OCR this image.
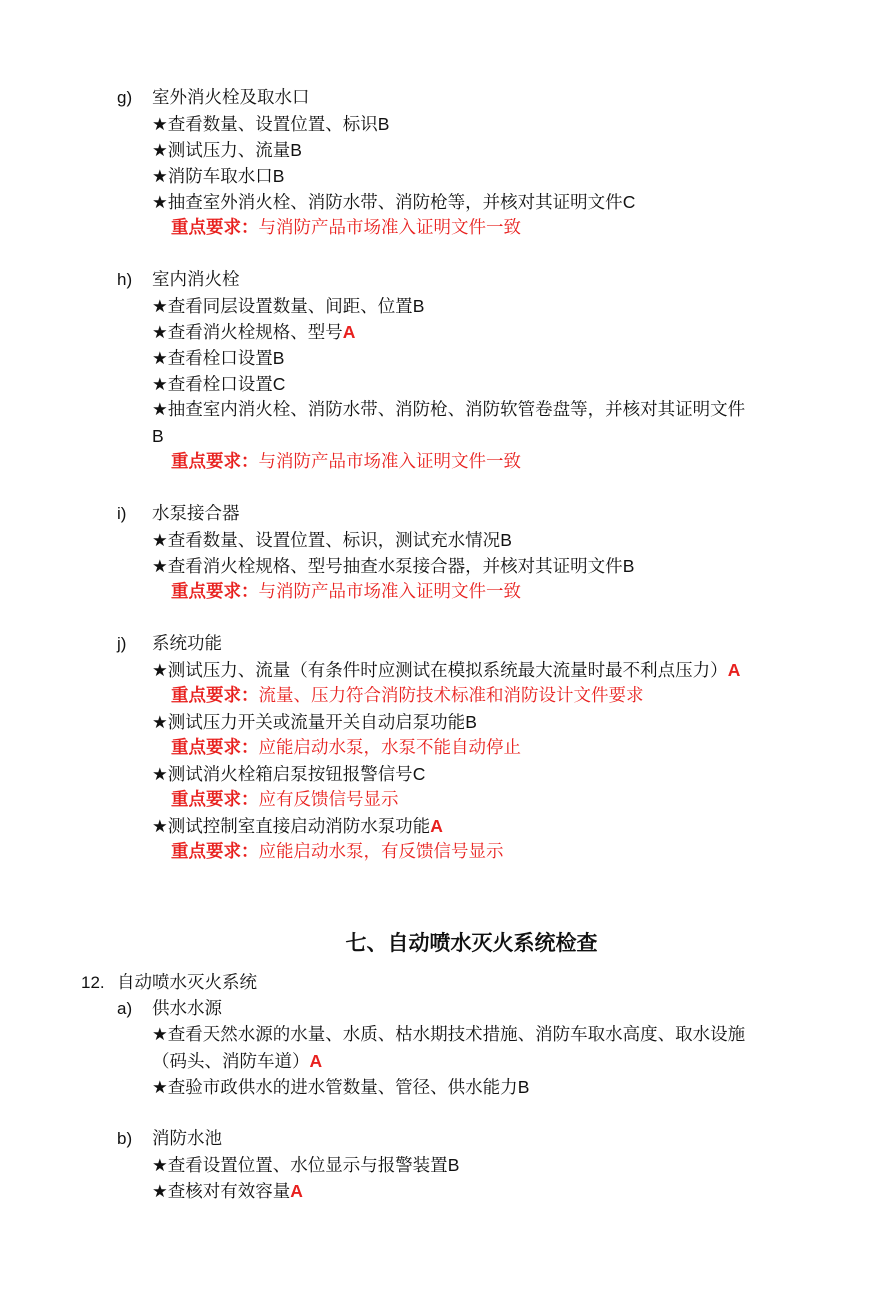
g) 室外消火栓及取水口
★查看数量、设置位置、标识B
★测试压力、流量B
★消防车取水口B
★抽查室外消火栓、消防水带、消防枪等，并核对其证明文件C
重点要求：与消防产品市场准入证明文件一致
h) 室内消火栓
★查看同层设置数量、间距、位置B
★查看消火栓规格、型号A
★查看栓口设置B
★查看栓口设置C
★抽查室内消火栓、消防水带、消防枪、消防软管卷盘等，并核对其证明文件
B
重点要求：与消防产品市场准入证明文件一致
i) 水泵接合器
★查看数量、设置位置、标识，测试充水情况B
★查看消火栓规格、型号抽查水泵接合器，并核对其证明文件B
重点要求：与消防产品市场准入证明文件一致
j) 系统功能
★测试压力、流量（有条件时应测试在模拟系统最大流量时最不利点压力）A
重点要求：流量、压力符合消防技术标准和消防设计文件要求
★测试压力开关或流量开关自动启泵功能B
重点要求：应能启动水泵，水泵不能自动停止
★测试消火栓箱启泵按钮报警信号C
重点要求：应有反馈信号显示
★测试控制室直接启动消防水泵功能A
重点要求：应能启动水泵，有反馈信号显示
七、自动喷水灭火系统检查
12. 自动喷水灭火系统
a) 供水水源
★查看天然水源的水量、水质、枯水期技术措施、消防车取水高度、取水设施
（码头、消防车道）A
★查验市政供水的进水管数量、管径、供水能力B
b) 消防水池
★查看设置位置、水位显示与报警装置B
★查核对有效容量A
